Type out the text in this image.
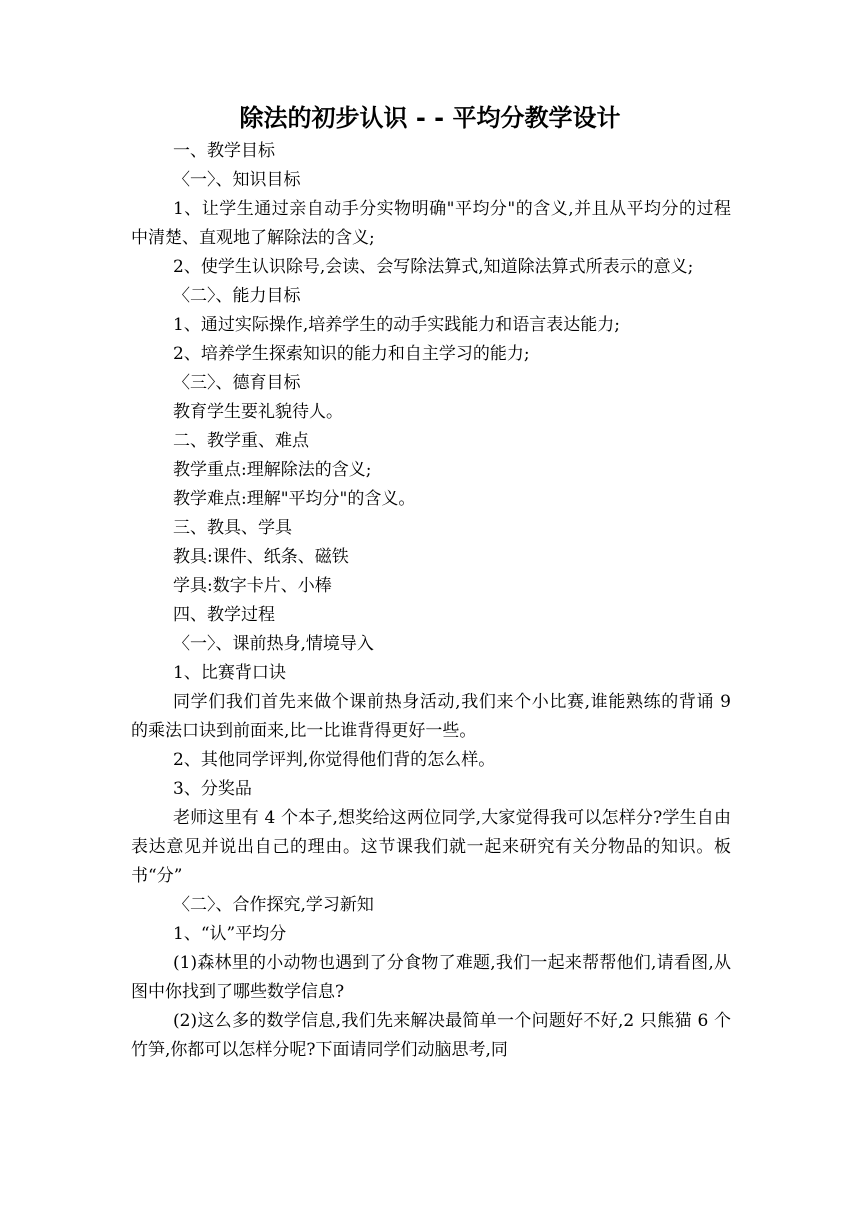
除法的初步认识 - - 平均分教学设计

一、教学目标

〈一〉、知识目标

1、让学生通过亲自动手分实物明确"平均分"的含义,并且从平均分的过程中清楚、直观地了解除法的含义;

2、使学生认识除号,会读、会写除法算式,知道除法算式所表示的意义;

〈二〉、能力目标

1、通过实际操作,培养学生的动手实践能力和语言表达能力;

2、培养学生探索知识的能力和自主学习的能力;

〈三〉、德育目标

教育学生要礼貌待人。

二、教学重、难点

教学重点:理解除法的含义;

教学难点:理解"平均分"的含义。

三、教具、学具

教具:课件、纸条、磁铁

学具:数字卡片、小棒

四、教学过程

〈一〉、课前热身,情境导入

1、比赛背口诀

同学们我们首先来做个课前热身活动,我们来个小比赛,谁能熟练的背诵 9 的乘法口诀到前面来,比一比谁背得更好一些。

2、其他同学评判,你觉得他们背的怎么样。

3、分奖品

老师这里有 4 个本子,想奖给这两位同学,大家觉得我可以怎样分?学生自由表达意见并说出自己的理由。这节课我们就一起来研究有关分物品的知识。板书“分”

〈二〉、合作探究,学习新知

1、“认”平均分

(1)森林里的小动物也遇到了分食物了难题,我们一起来帮帮他们,请看图,从图中你找到了哪些数学信息?

(2)这么多的数学信息,我们先来解决最简单一个问题好不好,2 只熊猫 6 个竹笋,你都可以怎样分呢?下面请同学们动脑思考,同
